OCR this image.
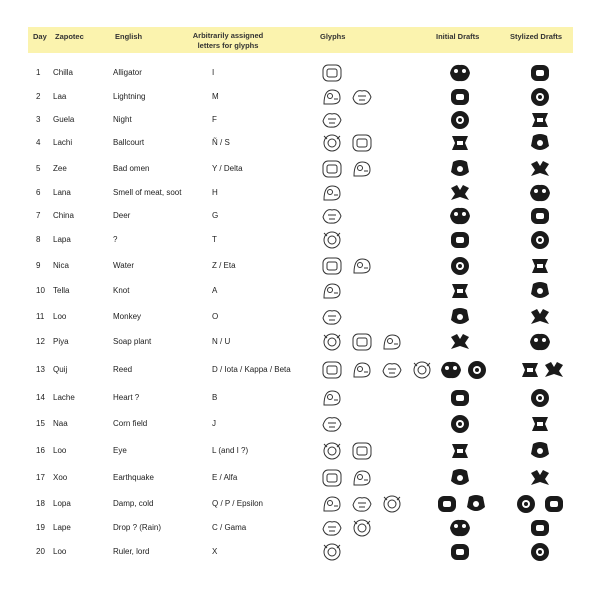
Day Zapotec	English	Arbitrarily assigned
letters for glyphs
Glyphs	Initial Drafts	Stylized Drafts
1 Chilla	Alligator	I
2 Laa	Lightning	M
3 Guela	Night	F
4 Lachi	Ballcourt	Ñ / S
5 Zee	Bad omen	Y / Delta
6 Lana	Smell of meat, soot	H
7 China	Deer	G
8 Lapa	?	T
9 Nica	Water	Z / Eta
10 Tella	Knot	A
11 Loo	Monkey	O
12 Piya	Soap plant	N / U
13 Quij	Reed	D / Iota / Kappa / Beta
14 Lache	Heart ?	B
15 Naa	Corn field	J
16 Loo	Eye	L (and I ?)
17 Xoo	Earthquake	E / Alfa
18 Lopa	Damp, cold	Q / P / Epsilon
19 Lape	Drop ? (Rain)	C / Gama
20 Loo	Ruler, lord	X
